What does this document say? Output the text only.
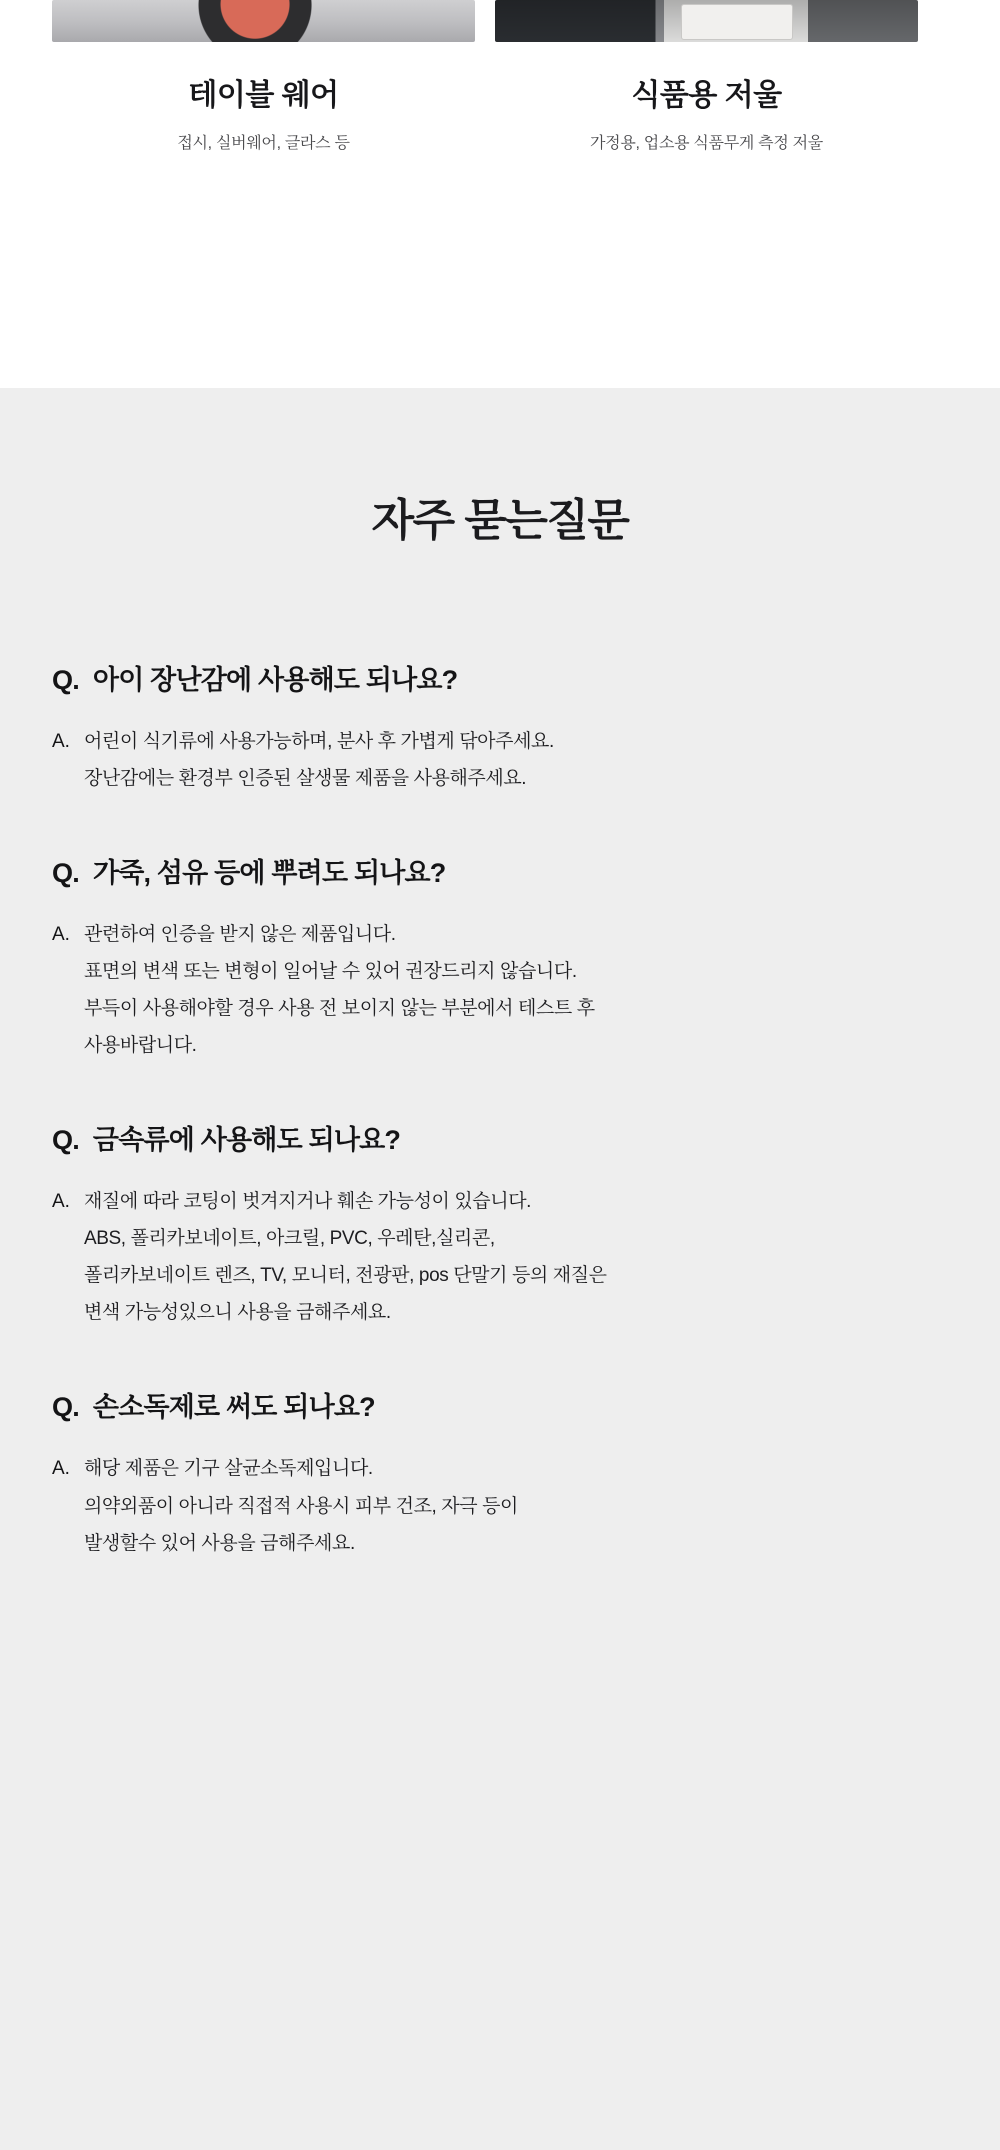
테이블 웨어
접시, 실버웨어, 글라스 등
식품용 저울
가정용, 업소용 식품무게 측정 저울
자주 묻는질문
Q. 아이 장난감에 사용해도 되나요?
A. 어린이 식기류에 사용가능하며, 분사 후 가볍게 닦아주세요.
장난감에는 환경부 인증된 살생물 제품을 사용해주세요.
Q. 가죽, 섬유 등에 뿌려도 되나요?
A. 관련하여 인증을 받지 않은 제품입니다.
표면의 변색 또는 변형이 일어날 수 있어 권장드리지 않습니다.
부득이 사용해야할 경우 사용 전 보이지 않는 부분에서 테스트 후
사용바랍니다.
Q. 금속류에 사용해도 되나요?
A. 재질에 따라 코팅이 벗겨지거나 훼손 가능성이 있습니다.
ABS, 폴리카보네이트, 아크릴, PVC, 우레탄,실리콘,
폴리카보네이트 렌즈, TV, 모니터, 전광판, pos 단말기 등의 재질은
변색 가능성있으니 사용을 금해주세요.
Q. 손소독제로 써도 되나요?
A. 해당 제품은 기구 살균소독제입니다.
의약외품이 아니라 직접적 사용시 피부 건조, 자극 등이
발생할수 있어 사용을 금해주세요.
